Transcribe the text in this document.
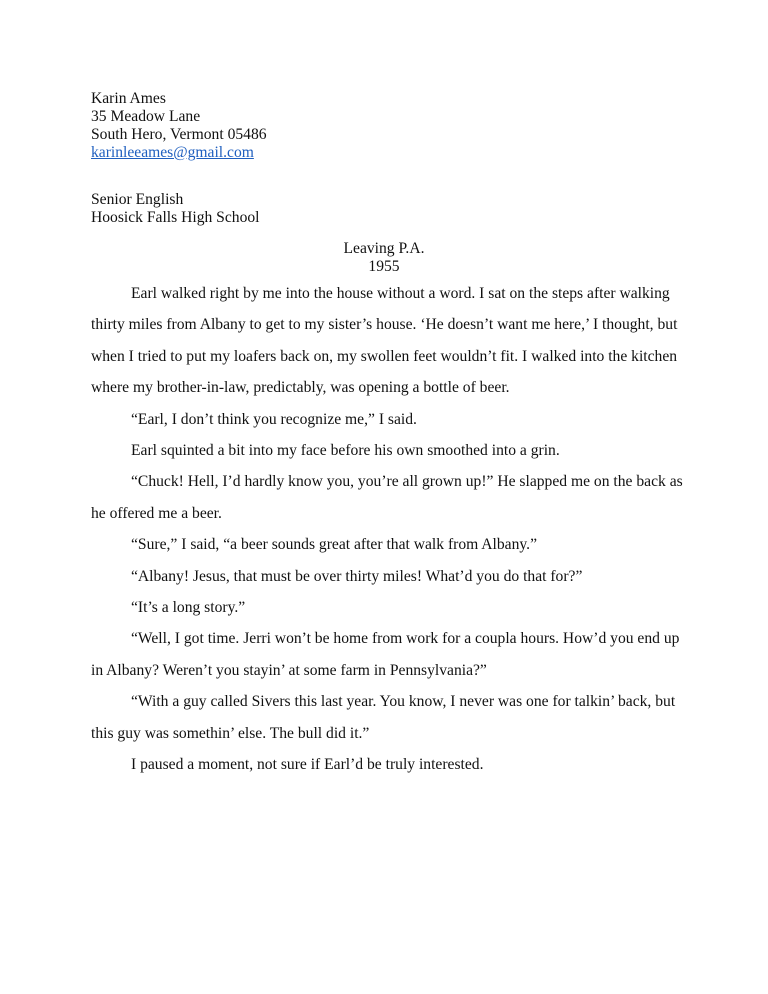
Karin Ames
35 Meadow Lane
South Hero, Vermont 05486
karinleeames@gmail.com
Senior English
Hoosick Falls High School
Leaving P.A.
1955

Earl walked right by me into the house without a word. I sat on the steps after walking

thirty miles from Albany to get to my sister’s house. ‘He doesn’t want me here,’ I thought, but

when I tried to put my loafers back on, my swollen feet wouldn’t fit. I walked into the kitchen

where my brother-in-law, predictably, was opening a bottle of beer.

“Earl, I don’t think you recognize me,” I said.

Earl squinted a bit into my face before his own smoothed into a grin.

“Chuck! Hell, I’d hardly know you, you’re all grown up!” He slapped me on the back as

he offered me a beer.

“Sure,” I said, “a beer sounds great after that walk from Albany.”

“Albany! Jesus, that must be over thirty miles! What’d you do that for?”

“It’s a long story.”

“Well, I got time. Jerri won’t be home from work for a coupla hours. How’d you end up

in Albany? Weren’t you stayin’ at some farm in Pennsylvania?”

“With a guy called Sivers this last year. You know, I never was one for talkin’ back, but

this guy was somethin’ else. The bull did it.”

I paused a moment, not sure if Earl’d be truly interested.
